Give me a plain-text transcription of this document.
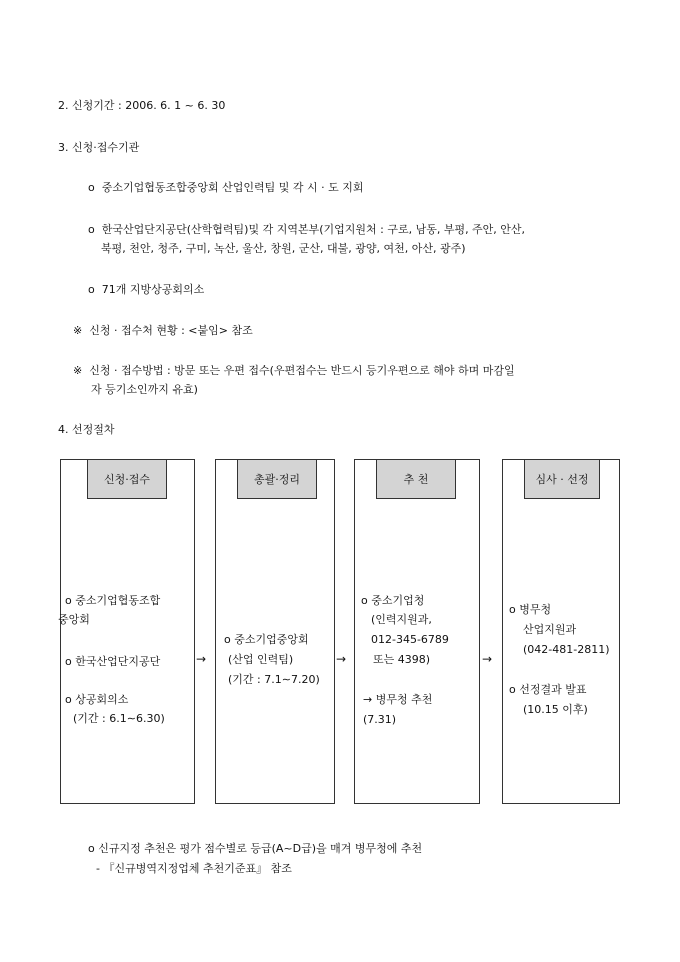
2. 신청기간 : 2006. 6. 1 ~ 6. 30
3. 신청·접수기관
o 중소기업협동조합중앙회 산업인력팀 및 각 시 · 도 지회
o 한국산업단지공단(산학협력팀)및 각 지역본부(기업지원처 : 구로, 남동, 부평, 주안, 안산,
북평, 천안, 청주, 구미, 녹산, 울산, 창원, 군산, 대불, 광양, 여천, 아산, 광주)
o 71개 지방상공회의소
※ 신청 · 접수처 현황 : <붙임> 참조
※ 신청 · 접수방법 : 방문 또는 우편 접수(우편접수는 반드시 등기우편으로 해야 하며 마감일
자 등기소인까지 유효)
4. 선정절차
신청·접수
o 중소기업협동조합
중앙회
o 한국산업단지공단
o 상공회의소
(기간 : 6.1∼6.30)
→
총괄·정리
o 중소기업중앙회
(산업 인력팀)
(기간 : 7.1∼7.20)
→
추 천
o 중소기업청
(인력지원과,
012-345-6789
또는 4398)
→ 병무청 추천
(7.31)
→
심사 · 선정
o 병무청
산업지원과
(042-481-2811)
o 선정결과 발표
(10.15 이후)
o 신규지정 추천은 평가 점수별로 등급(A~D급)을 매겨 병무청에 추천
- 『신규병역지정업체 추천기준표』 참조
